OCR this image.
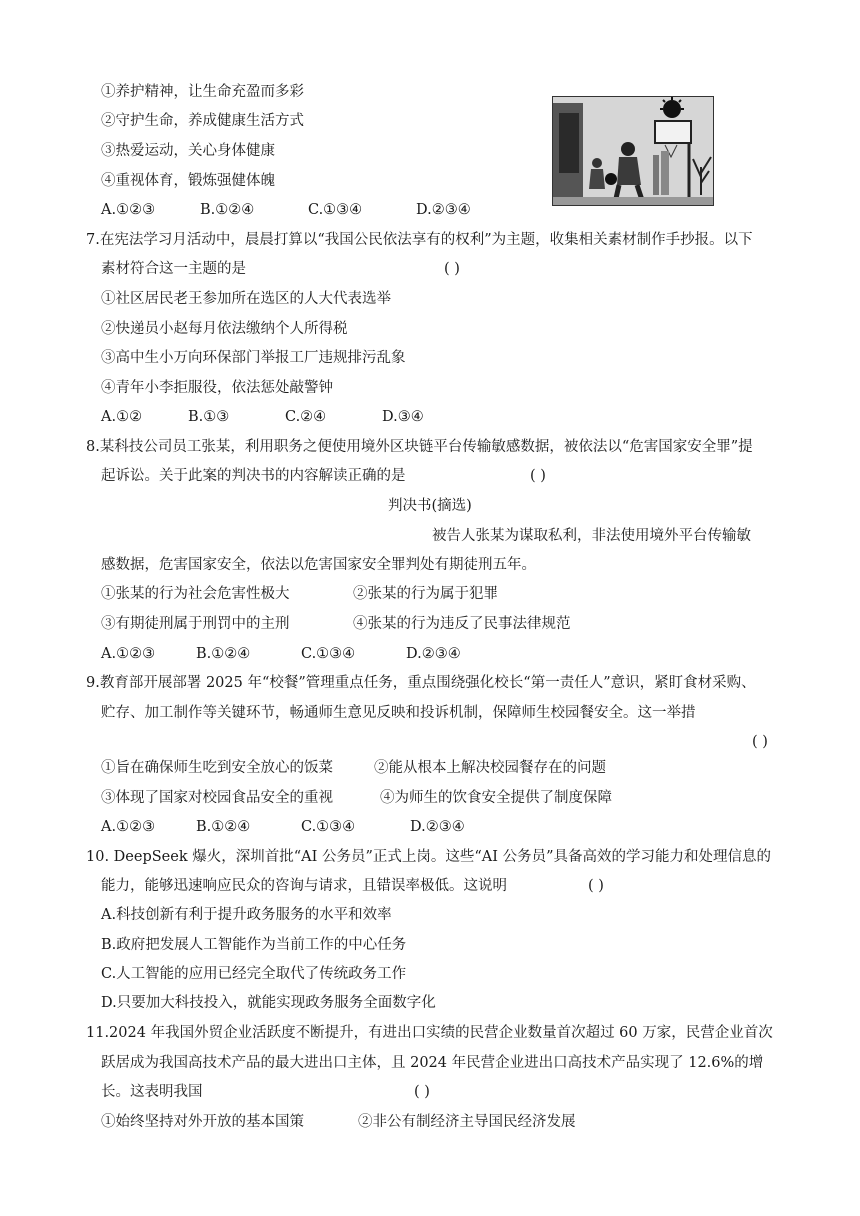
①养护精神，让生命充盈而多彩
②守护生命，养成健康生活方式
③热爱运动，关心身体健康
④重视体育，锻炼强健体魄
A.①②③	B.①②④	C.①③④	D.②③④
7.在宪法学习月活动中，晨晨打算以“我国公民依法享有的权利”为主题，收集相关素材制作手抄报。以下
素材符合这一主题的是	( )
①社区居民老王参加所在选区的人大代表选举
②快递员小赵每月依法缴纳个人所得税
③高中生小万向环保部门举报工厂违规排污乱象
④青年小李拒服役，依法惩处敲警钟
A.①②	B.①③	C.②④	D.③④
8.某科技公司员工张某，利用职务之便使用境外区块链平台传输敏感数据，被依法以“危害国家安全罪”提
起诉讼。关于此案的判决书的内容解读正确的是	( )
判决书(摘选)
被告人张某为谋取私利，非法使用境外平台传输敏
感数据，危害国家安全，依法以危害国家安全罪判处有期徒刑五年。
①张某的行为社会危害性极大	②张某的行为属于犯罪
③有期徒刑属于刑罚中的主刑	④张某的行为违反了民事法律规范
A.①②③	B.①②④	C.①③④	D.②③④
9.教育部开展部署 2025 年“校餐”管理重点任务，重点围绕强化校长“第一责任人”意识，紧盯食材采购、
贮存、加工制作等关键环节，畅通师生意见反映和投诉机制，保障师生校园餐安全。这一举措
( )
①旨在确保师生吃到安全放心的饭菜	②能从根本上解决校园餐存在的问题
③体现了国家对校园食品安全的重视	④为师生的饮食安全提供了制度保障
A.①②③	B.①②④	C.①③④	D.②③④
10. DeepSeek 爆火，深圳首批“AI 公务员”正式上岗。这些“AI 公务员”具备高效的学习能力和处理信息的
能力，能够迅速响应民众的咨询与请求，且错误率极低。这说明	( )
A.科技创新有利于提升政务服务的水平和效率
B.政府把发展人工智能作为当前工作的中心任务
C.人工智能的应用已经完全取代了传统政务工作
D.只要加大科技投入，就能实现政务服务全面数字化
11.2024 年我国外贸企业活跃度不断提升，有进出口实绩的民营企业数量首次超过 60 万家，民营企业首次
跃居成为我国高技术产品的最大进出口主体，且 2024 年民营企业进出口高技术产品实现了 12.6%的增
长。这表明我国	( )
①始终坚持对外开放的基本国策	②非公有制经济主导国民经济发展
